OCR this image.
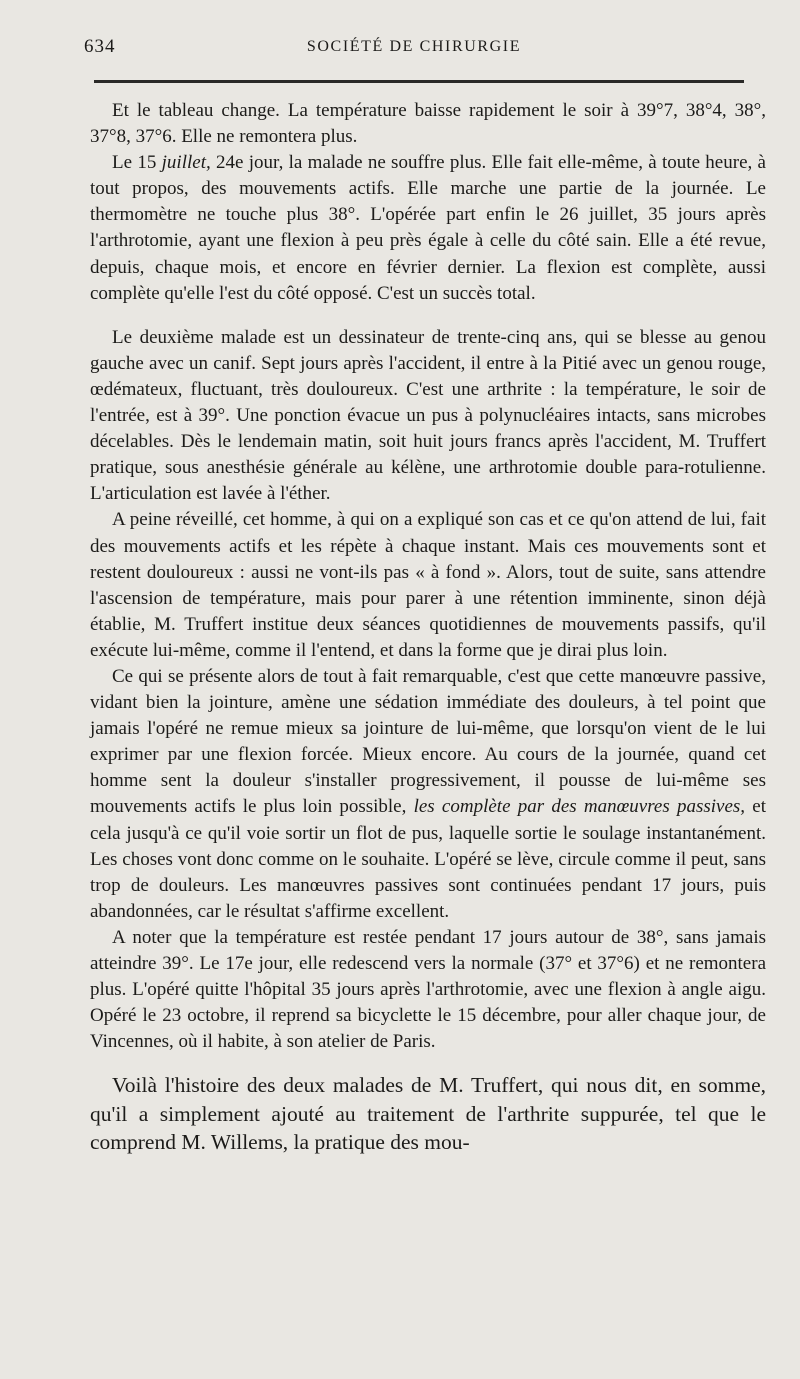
634	SOCIÉTÉ DE CHIRURGIE

Et le tableau change. La température baisse rapidement le soir à 39°7, 38°4, 38°, 37°8, 37°6. Elle ne remontera plus.

Le 15 juillet, 24e jour, la malade ne souffre plus. Elle fait elle-même, à toute heure, à tout propos, des mouvements actifs. Elle marche une partie de la journée. Le thermomètre ne touche plus 38°. L'opérée part enfin le 26 juillet, 35 jours après l'arthrotomie, ayant une flexion à peu près égale à celle du côté sain. Elle a été revue, depuis, chaque mois, et encore en février dernier. La flexion est complète, aussi complète qu'elle l'est du côté opposé. C'est un succès total.

Le deuxième malade est un dessinateur de trente-cinq ans, qui se blesse au genou gauche avec un canif. Sept jours après l'accident, il entre à la Pitié avec un genou rouge, œdémateux, fluctuant, très douloureux. C'est une arthrite : la température, le soir de l'entrée, est à 39°. Une ponction évacue un pus à polynucléaires intacts, sans microbes décelables. Dès le lendemain matin, soit huit jours francs après l'accident, M. Truffert pratique, sous anesthésie générale au kélène, une arthrotomie double para-rotulienne. L'articulation est lavée à l'éther.

A peine réveillé, cet homme, à qui on a expliqué son cas et ce qu'on attend de lui, fait des mouvements actifs et les répète à chaque instant. Mais ces mouvements sont et restent douloureux : aussi ne vont-ils pas « à fond ». Alors, tout de suite, sans attendre l'ascension de température, mais pour parer à une rétention imminente, sinon déjà établie, M. Truffert institue deux séances quotidiennes de mouvements passifs, qu'il exécute lui-même, comme il l'entend, et dans la forme que je dirai plus loin.

Ce qui se présente alors de tout à fait remarquable, c'est que cette manœuvre passive, vidant bien la jointure, amène une sédation immédiate des douleurs, à tel point que jamais l'opéré ne remue mieux sa jointure de lui-même, que lorsqu'on vient de le lui exprimer par une flexion forcée. Mieux encore. Au cours de la journée, quand cet homme sent la douleur s'installer progressivement, il pousse de lui-même ses mouvements actifs le plus loin possible, les complète par des manœuvres passives, et cela jusqu'à ce qu'il voie sortir un flot de pus, laquelle sortie le soulage instantanément. Les choses vont donc comme on le souhaite. L'opéré se lève, circule comme il peut, sans trop de douleurs. Les manœuvres passives sont continuées pendant 17 jours, puis abandonnées, car le résultat s'affirme excellent.

A noter que la température est restée pendant 17 jours autour de 38°, sans jamais atteindre 39°. Le 17e jour, elle redescend vers la normale (37° et 37°6) et ne remontera plus. L'opéré quitte l'hôpital 35 jours après l'arthrotomie, avec une flexion à angle aigu. Opéré le 23 octobre, il reprend sa bicyclette le 15 décembre, pour aller chaque jour, de Vincennes, où il habite, à son atelier de Paris.

Voilà l'histoire des deux malades de M. Truffert, qui nous dit, en somme, qu'il a simplement ajouté au traitement de l'arthrite suppurée, tel que le comprend M. Willems, la pratique des mou-
